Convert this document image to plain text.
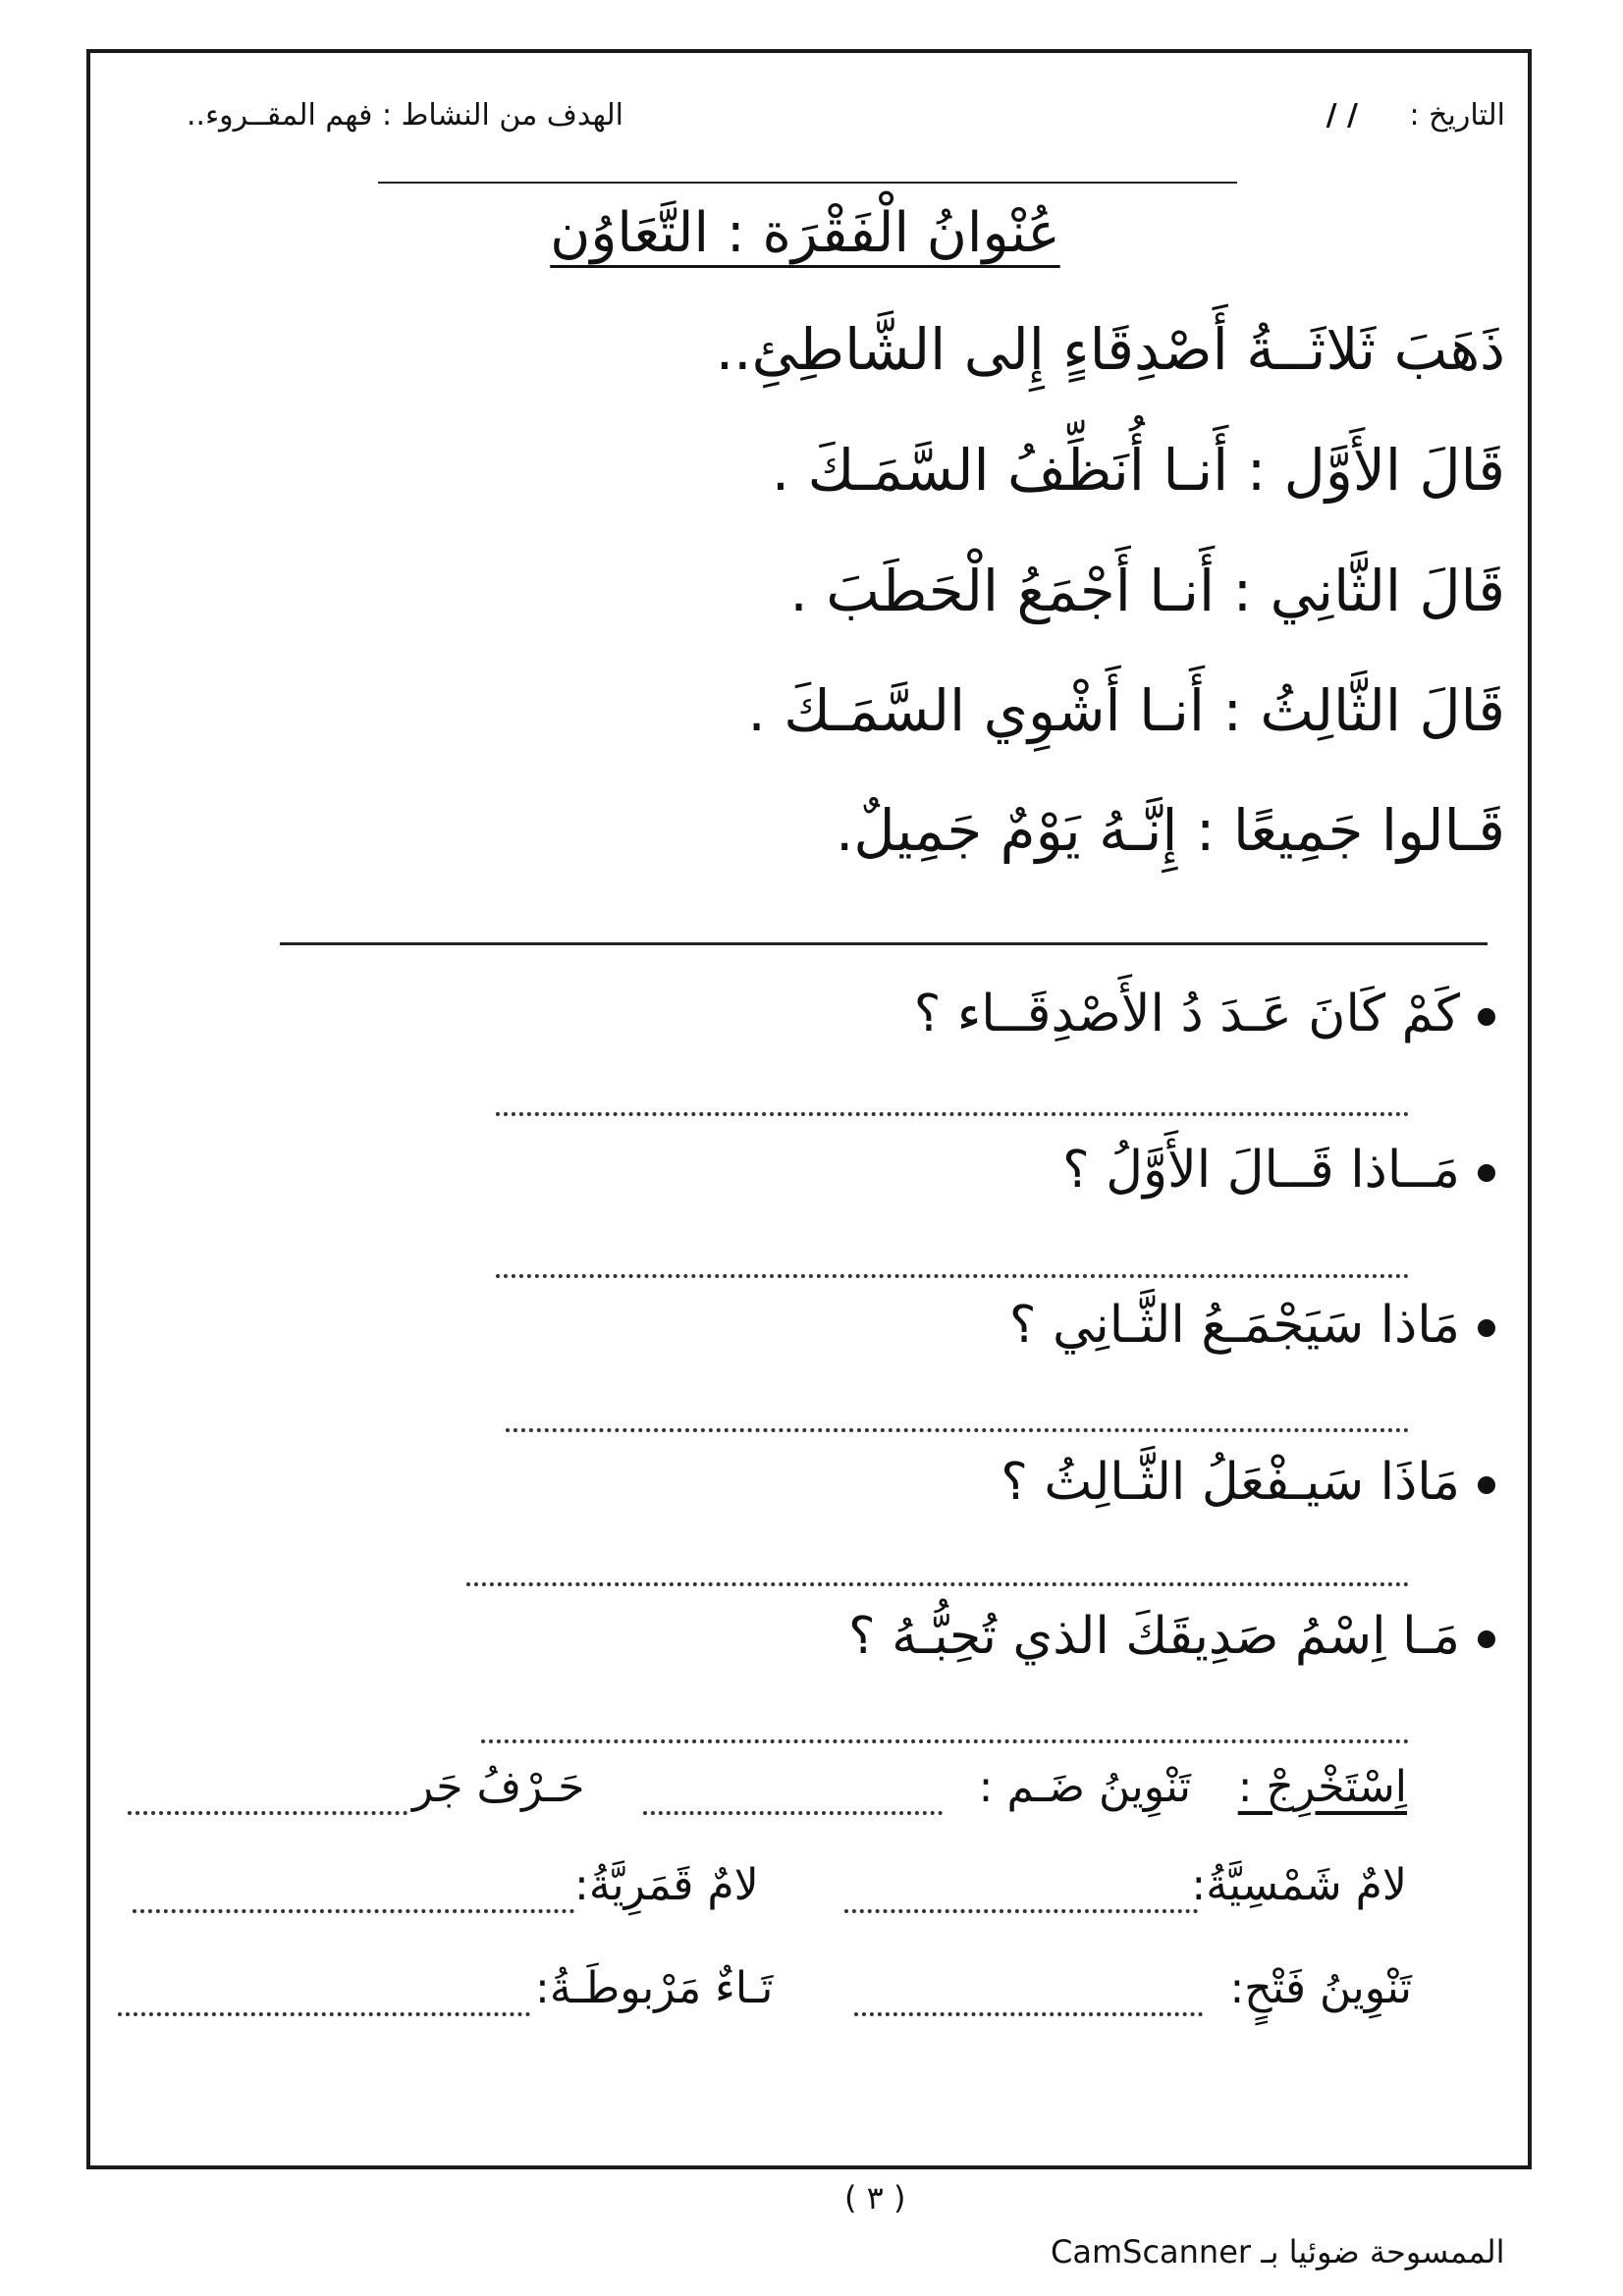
التاريخ :
/ /
الهدف من النشاط : فهم المقــروء..
عُنْوانُ الْفَقْرَة : التَّعَاوُن
ذَهَبَ ثَلاثَــةُ أَصْدِقَاءٍ إِلى الشَّاطِئِ..
قَالَ الأَوَّل : أَنـا أُنَظِّفُ السَّمَـكَ .
قَالَ الثَّانِي : أَنـا أَجْمَعُ الْحَطَبَ .
قَالَ الثَّالِثُ : أَنـا أَشْوِي السَّمَـكَ .
قَـالوا جَمِيعًا : إِنَّـهُ يَوْمٌ جَمِيلٌ.
كَمْ كَانَ عَـدَ دُ الأَصْدِقَــاء ؟
مَــاذا قَــالَ الأَوَّلُ ؟
مَاذا سَيَجْمَـعُ الثَّـانِي ؟
مَاذَا سَيـفْعَلُ الثَّـالِثُ ؟
مَـا اِسْمُ صَدِيقَكَ الذي تُحِبُّـهُ ؟
اِسْتَخْرِجْ :
تَنْوِينُ ضَـم :
حَـرْفُ جَر
لامٌ شَمْسِيَّةُ:
لامٌ قَمَرِيَّةُ:
تَنْوِينُ فَتْحٍ:
تَـاءٌ مَرْبوطَـةُ:
( ٣ )
الممسوحة ضوئيا بـ CamScanner
